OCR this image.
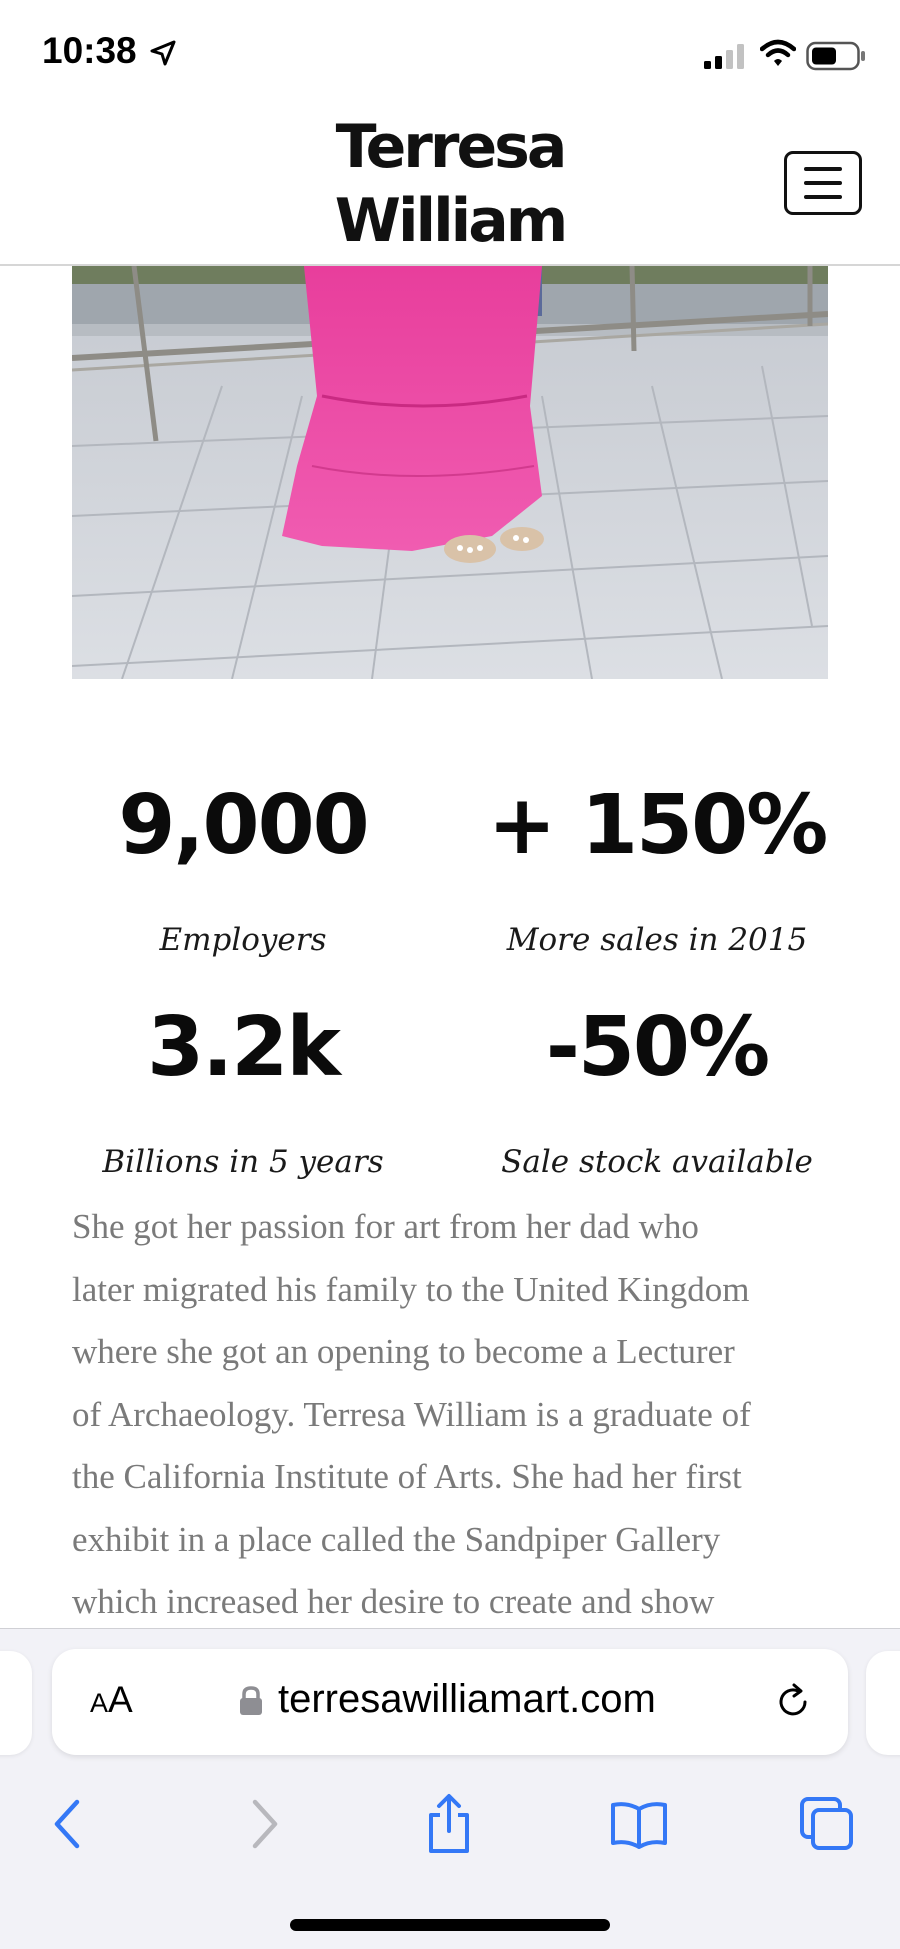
10:38
Terresa
William
9,000
Employers
+ 150%
More sales in 2015
3.2k
Billions in 5 years
-50%
Sale stock available
She got her passion for art from her dad who
later migrated his family to the United Kingdom
where she got an opening to become a Lecturer
of Archaeology. Terresa William is a graduate of
the California Institute of Arts. She had her first
exhibit in a place called the Sandpiper Gallery
which increased her desire to create and show
AA	terresawilliamart.com
